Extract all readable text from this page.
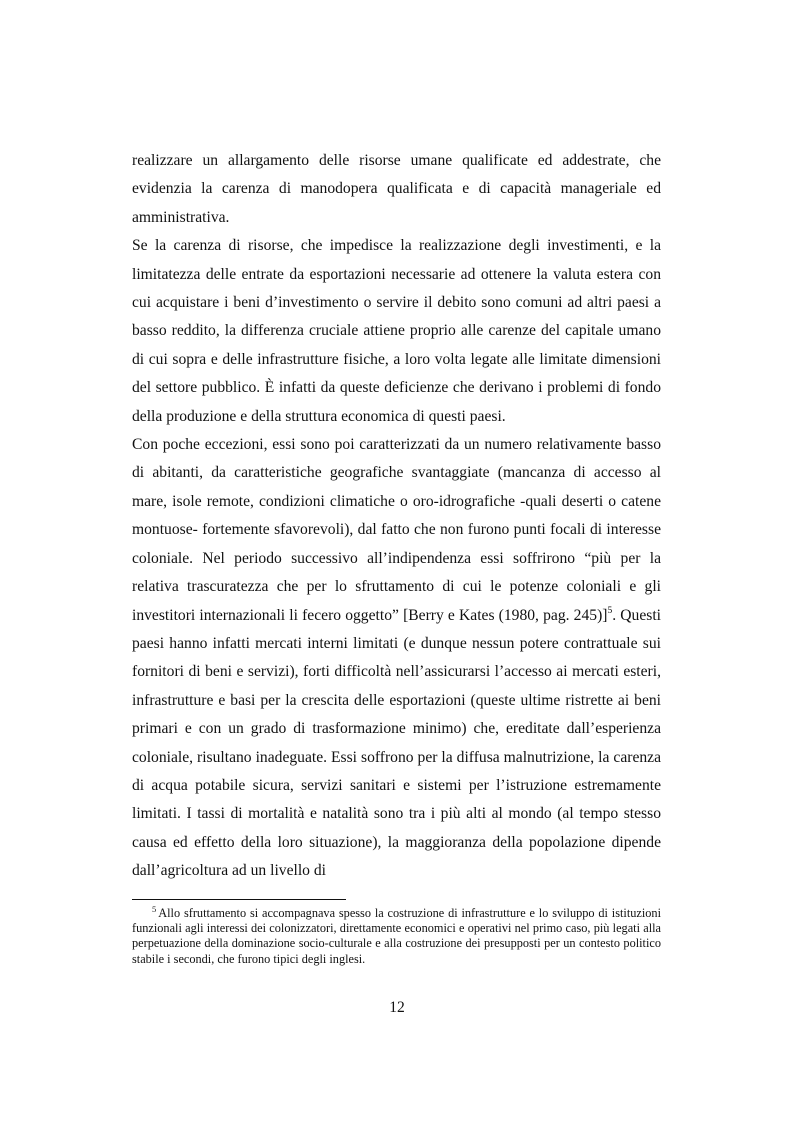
realizzare un allargamento delle risorse umane qualificate ed addestrate, che evidenzia la carenza di manodopera qualificata e di capacità manageriale ed amministrativa.

Se la carenza di risorse, che impedisce la realizzazione degli investimenti, e la limitatezza delle entrate da esportazioni necessarie ad ottenere la valuta estera con cui acquistare i beni d’investimento o servire il debito sono comuni ad altri paesi a basso reddito, la differenza cruciale attiene proprio alle carenze del capitale umano di cui sopra e delle infrastrutture fisiche, a loro volta legate alle limitate dimensioni del settore pubblico. È infatti da queste deficienze che derivano i problemi di fondo della produzione e della struttura economica di questi paesi.

Con poche eccezioni, essi sono poi caratterizzati da un numero relativamente basso di abitanti, da caratteristiche geografiche svantaggiate (mancanza di accesso al mare, isole remote, condizioni climatiche o oro-idrografiche -quali deserti o catene montuose- fortemente sfavorevoli), dal fatto che non furono punti focali di interesse coloniale. Nel periodo successivo all’indipendenza essi soffrirono “più per la relativa trascuratezza che per lo sfruttamento di cui le potenze coloniali e gli investitori internazionali li fecero oggetto” [Berry e Kates (1980, pag. 245)]$^5$. Questi paesi hanno infatti mercati interni limitati (e dunque nessun potere contrattuale sui fornitori di beni e servizi), forti difficoltà nell’assicurarsi l’accesso ai mercati esteri, infrastrutture e basi per la crescita delle esportazioni (queste ultime ristrette ai beni primari e con un grado di trasformazione minimo) che, ereditate dall’esperienza coloniale, risultano inadeguate. Essi soffrono per la diffusa malnutrizione, la carenza di acqua potabile sicura, servizi sanitari e sistemi per l’istruzione estremamente limitati. I tassi di mortalità e natalità sono tra i più alti al mondo (al tempo stesso causa ed effetto della loro situazione), la maggioranza della popolazione dipende dall’agricoltura ad un livello di

$^5$ Allo sfruttamento si accompagnava spesso la costruzione di infrastrutture e lo sviluppo di istituzioni funzionali agli interessi dei colonizzatori, direttamente economici e operativi nel primo caso, più legati alla perpetuazione della dominazione socio-culturale e alla costruzione dei presupposti per un contesto politico stabile i secondi, che furono tipici degli inglesi.
12
